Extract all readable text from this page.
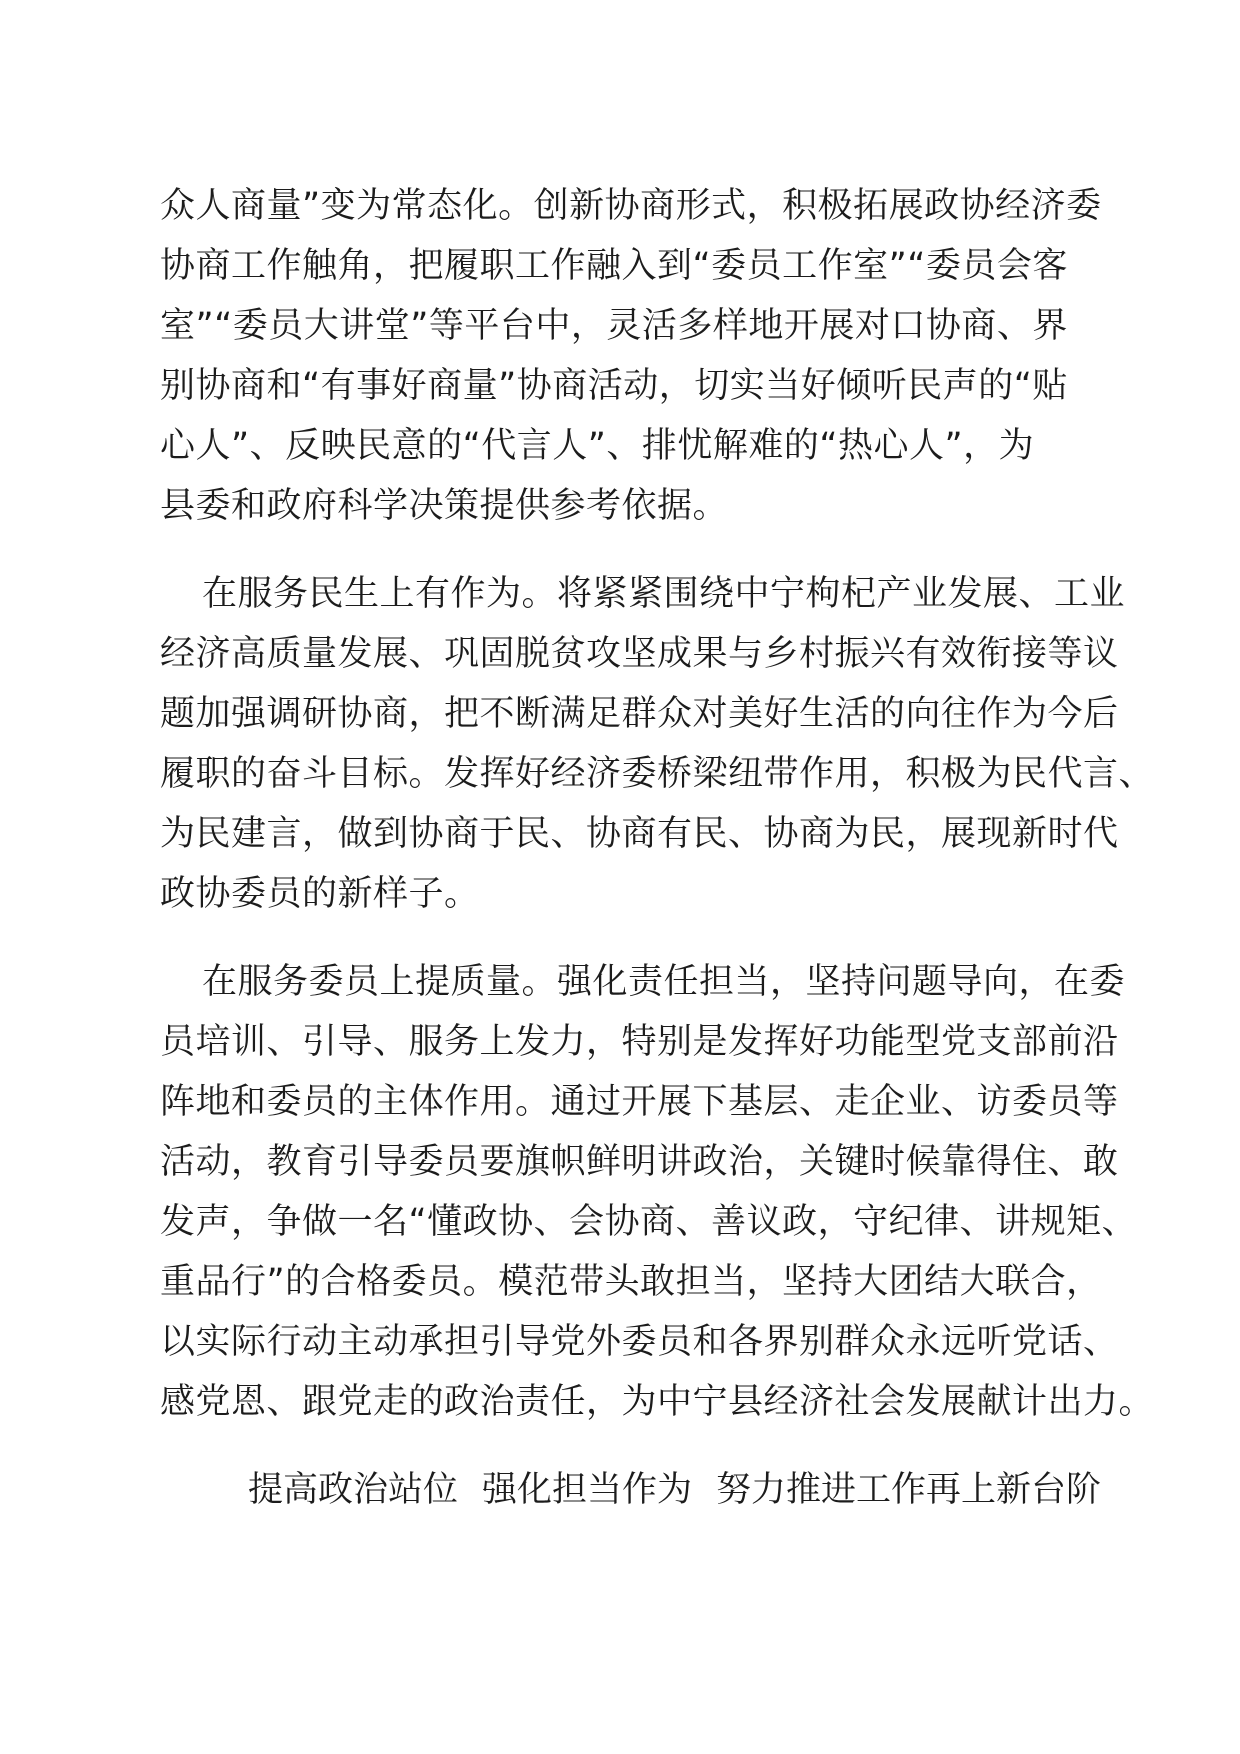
众人商量”变为常态化。创新协商形式，积极拓展政协经济委
协商工作触角，把履职工作融入到“委员工作室”“委员会客
室”“委员大讲堂”等平台中，灵活多样地开展对口协商、界
别协商和“有事好商量”协商活动，切实当好倾听民声的“贴
心人”、反映民意的“代言人”、排忧解难的“热心人”，为
县委和政府科学决策提供参考依据。
在服务民生上有作为。将紧紧围绕中宁枸杞产业发展、工业
经济高质量发展、巩固脱贫攻坚成果与乡村振兴有效衔接等议
题加强调研协商，把不断满足群众对美好生活的向往作为今后
履职的奋斗目标。发挥好经济委桥梁纽带作用，积极为民代言、
为民建言，做到协商于民、协商有民、协商为民，展现新时代
政协委员的新样子。
在服务委员上提质量。强化责任担当，坚持问题导向，在委
员培训、引导、服务上发力，特别是发挥好功能型党支部前沿
阵地和委员的主体作用。通过开展下基层、走企业、访委员等
活动，教育引导委员要旗帜鲜明讲政治，关键时候靠得住、敢
发声，争做一名“懂政协、会协商、善议政，守纪律、讲规矩、
重品行”的合格委员。模范带头敢担当，坚持大团结大联合，
以实际行动主动承担引导党外委员和各界别群众永远听党话、
感党恩、跟党走的政治责任，为中宁县经济社会发展献计出力。
提高政治站位 强化担当作为 努力推进工作再上新台阶
